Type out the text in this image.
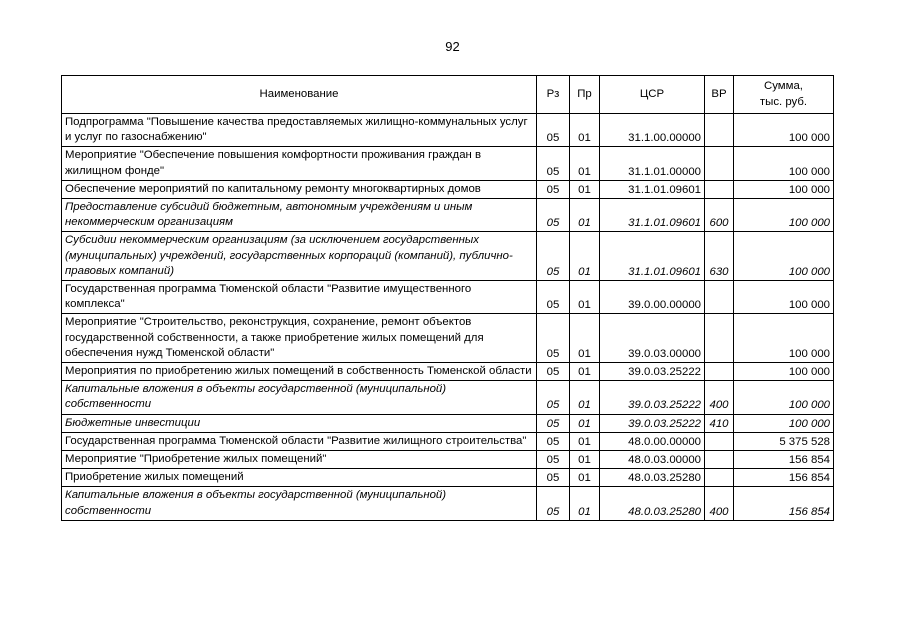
92
Наименование	Рз	Пр	ЦСР	ВР	Сумма,
тыс. руб.

Подпрограмма "Повышение качества предоставляемых жилищно-коммунальных услуг и услуг по газоснабжению"	05	01	31.1.00.00000		100 000
Мероприятие "Обеспечение повышения комфортности проживания граждан в жилищном фонде"	05	01	31.1.01.00000		100 000
Обеспечение мероприятий по капитальному ремонту многоквартирных домов	05	01	31.1.01.09601		100 000
Предоставление субсидий бюджетным, автономным учреждениям и иным некоммерческим организациям	05	01	31.1.01.09601	600	100 000
Субсидии некоммерческим организациям (за исключением государственных (муниципальных) учреждений, государственных корпораций (компаний), публично-правовых компаний)	05	01	31.1.01.09601	630	100 000
Государственная программа Тюменской области "Развитие имущественного комплекса"	05	01	39.0.00.00000		100 000
Мероприятие "Строительство, реконструкция, сохранение, ремонт объектов государственной собственности, а также приобретение жилых помещений для обеспечения нужд Тюменской области"	05	01	39.0.03.00000		100 000
Мероприятия по приобретению жилых помещений в собственность Тюменской области	05	01	39.0.03.25222		100 000
Капитальные вложения в объекты государственной (муниципальной) собственности	05	01	39.0.03.25222	400	100 000
Бюджетные инвестиции	05	01	39.0.03.25222	410	100 000
Государственная программа Тюменской области "Развитие жилищного строительства"	05	01	48.0.00.00000		5 375 528
Мероприятие "Приобретение жилых помещений"	05	01	48.0.03.00000		156 854
Приобретение жилых помещений	05	01	48.0.03.25280		156 854
Капитальные вложения в объекты государственной (муниципальной) собственности	05	01	48.0.03.25280	400	156 854
